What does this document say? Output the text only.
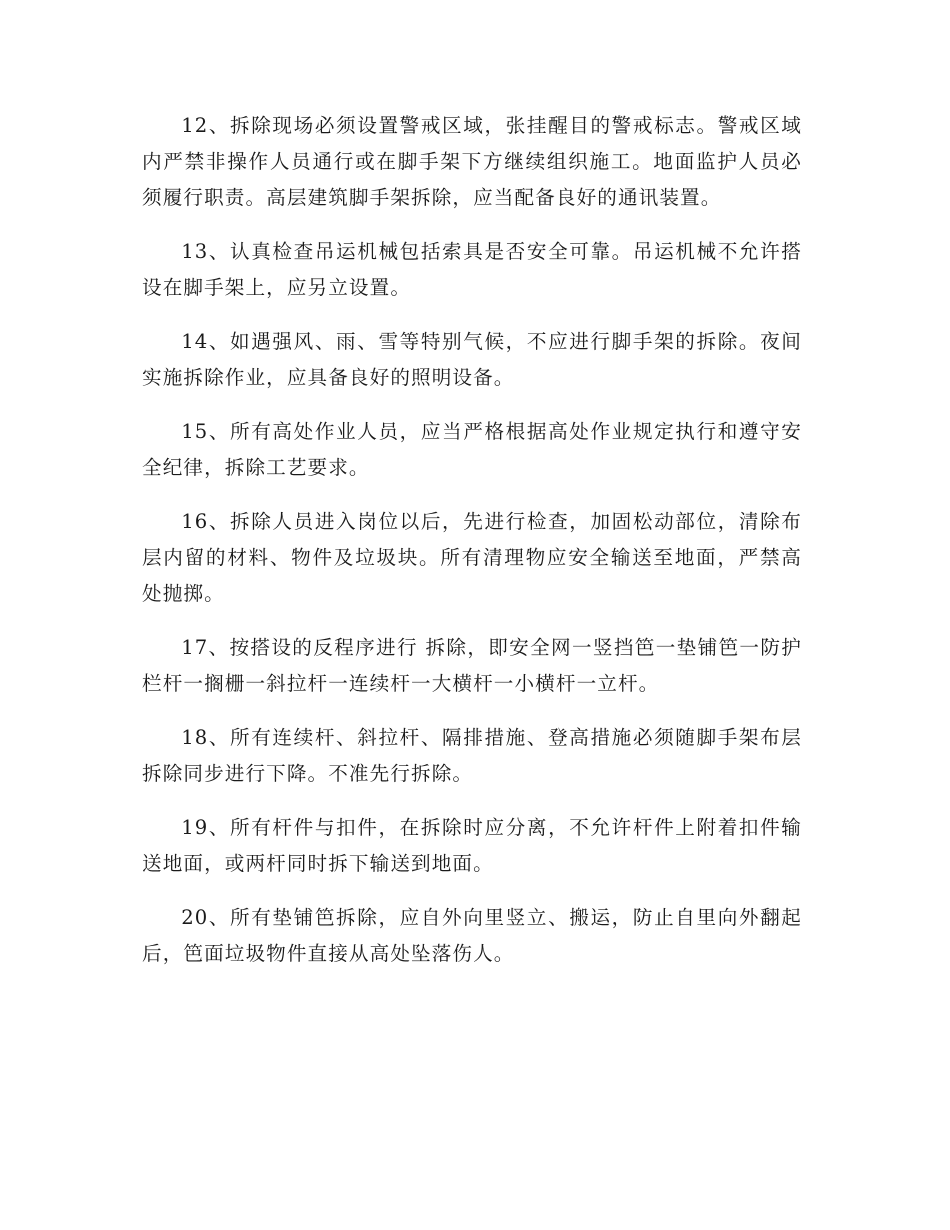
12、拆除现场必须设置警戒区域，张挂醒目的警戒标志。警戒区域内严禁非操作人员通行或在脚手架下方继续组织施工。地面监护人员必须履行职责。高层建筑脚手架拆除，应当配备良好的通讯装置。

13、认真检查吊运机械包括索具是否安全可靠。吊运机械不允许搭设在脚手架上，应另立设置。

14、如遇强风、雨、雪等特别气候，不应进行脚手架的拆除。夜间实施拆除作业，应具备良好的照明设备。

15、所有高处作业人员，应当严格根据高处作业规定执行和遵守安全纪律，拆除工艺要求。

16、拆除人员进入岗位以后，先进行检查，加固松动部位，清除布层内留的材料、物件及垃圾块。所有清理物应安全输送至地面，严禁高处抛掷。

17、按搭设的反程序进行 拆除，即安全网一竖挡笆一垫铺笆一防护栏杆一搁栅一斜拉杆一连续杆一大横杆一小横杆一立杆。

18、所有连续杆、斜拉杆、隔排措施、登高措施必须随脚手架布层拆除同步进行下降。不准先行拆除。

19、所有杆件与扣件，在拆除时应分离，不允许杆件上附着扣件输送地面，或两杆同时拆下输送到地面。

20、所有垫铺笆拆除，应自外向里竖立、搬运，防止自里向外翻起后，笆面垃圾物件直接从高处坠落伤人。
